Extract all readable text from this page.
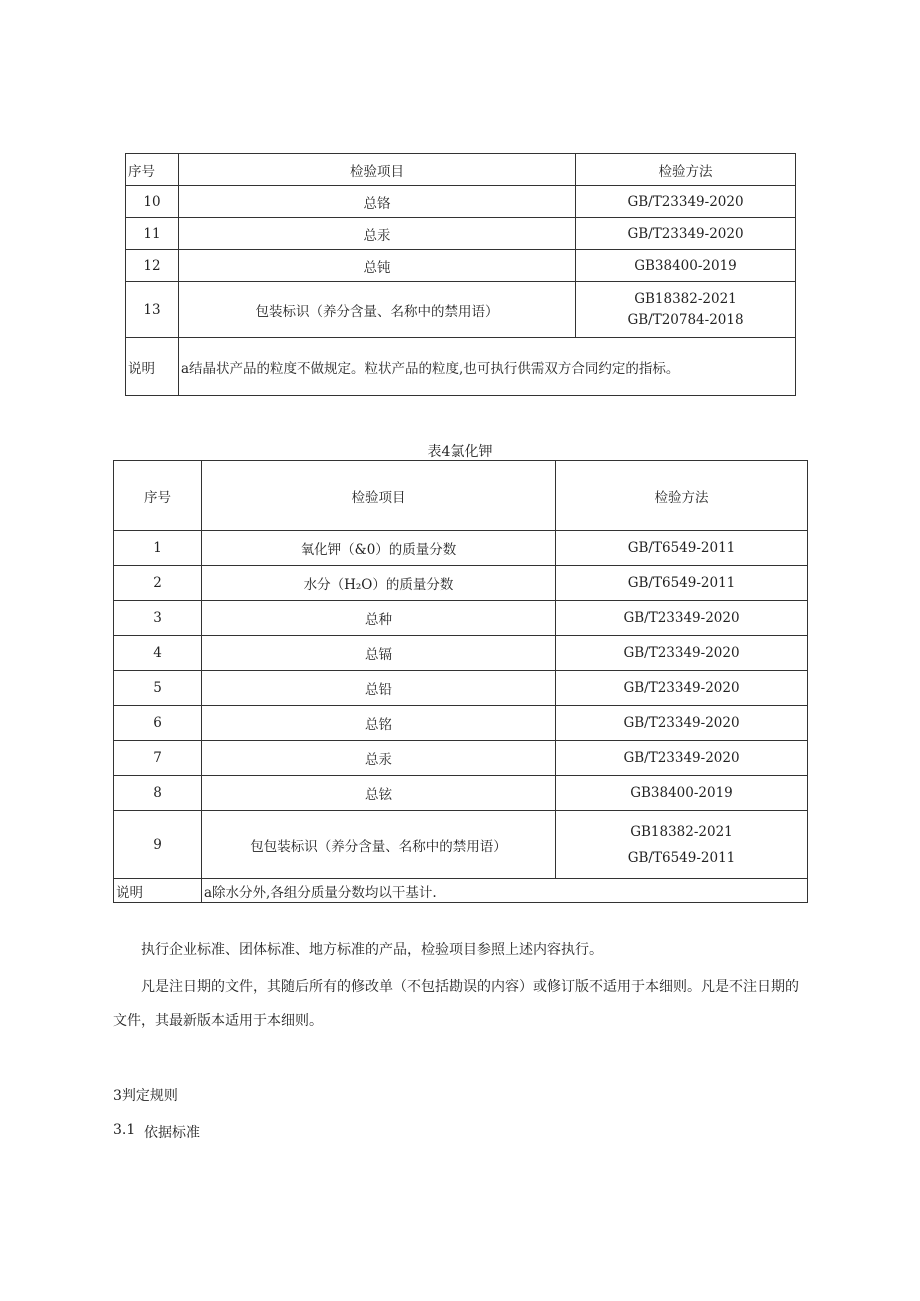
序号	检验项目	检验方法
10	总铬	GB/T23349-2020
11	总汞	GB/T23349-2020
12	总钝	GB38400-2019
13	包装标识（养分含量、名称中的禁用语）	GB18382-2021
GB/T20784-2018

说明	a结晶状产品的粒度不做规定。粒状产品的粒度,也可执行供需双方合同约定的指标。	
表4氯化钾
序号	检验项目	检验方法
1	氧化钾（&0）的质量分数	GB/T6549-2011
2	水分（H₂O）的质量分数	GB/T6549-2011
3	总种	GB/T23349-2020
4	总镉	GB/T23349-2020
5	总铅	GB/T23349-2020
6	总铭	GB/T23349-2020
7	总汞	GB/T23349-2020
8	总铉	GB38400-2019
9	包包装标识（养分含量、名称中的禁用语）	GB18382-2021
GB/T6549-2011

说明	a除水分外,各组分质量分数均以干基计.	
执行企业标准、团体标准、地方标准的产品，检验项目参照上述内容执行。
凡是注日期的文件，其随后所有的修改单（不包括勘误的内容）或修订版不适用于本细则。凡是不注日期的文件，其最新版本适用于本细则。
3判定规则
3.1 依据标准
